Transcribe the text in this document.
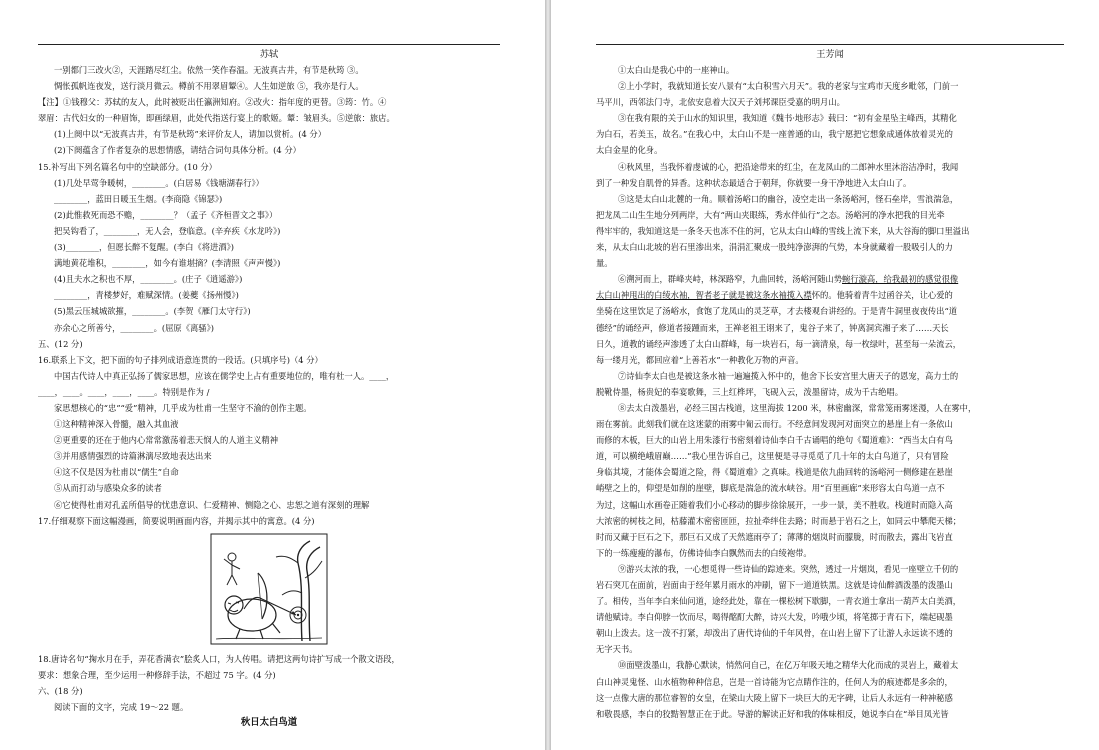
苏轼

一别都门三改火②，天涯踏尽红尘。依然一笑作春温。无波真古井，有节是秋筠 ③。

惆怅孤帆连夜发，送行淡月微云。樽前不用翠眉颦④。人生如逆旅 ⑤，我亦是行人。

【注】①钱穆父：苏轼的友人，此时被贬出任瀛洲知府。②改火：指年度的更替。③筠：竹。④

翠眉：古代妇女的一种眉饰，即画绿眉，此处代指送行宴上的歌姬。颦：皱眉头。⑤逆旅：旅店。

(1)上阕中以“无波真古井，有节是秋筠”来评价友人，请加以赏析。(4 分）

(2)下阕蕴含了作者复杂的思想情感，请结合词句具体分析。(4 分）

15.补写出下列名篇名句中的空缺部分。(10 分）

(1)几处早莺争暖树，________。(白居易《钱塘湖春行》）

________，蓝田日暖玉生烟。(李商隐《锦瑟》)

(2)此惟救死而恐不赡，________？（孟子《齐桓晋文之事》）

把吴钩看了，________，无人会，登临意。(辛弃疾《水龙吟》)

(3)________，但愿长醉不复醒。(李白《将进酒》)

满地黄花堆积，________，如今有谁堪摘？(李清照《声声慢》)

(4)且夫水之积也不厚，________。(庄子《逍遥游》)

________，青楼梦好，难赋深情。(姜夔《扬州慢》)

(5)黑云压城城欲摧，________。(李贺《雁门太守行》)

亦余心之所善兮，________。(屈原《离骚》)

五、(12 分)

16.联系上下文，把下面的句子排列成语意连贯的一段话。(只填序号)（4 分）

中国古代诗人中真正弘扬了儒家思想，应该在儒学史上占有重要地位的，唯有杜一人。____，

____，____。____，____，____。特别是作为 /

家思想核心的“忠”“爱”精神，几乎成为杜甫一生坚守不渝的创作主题。

①这种精神深入骨髓，融入其血液

②更重要的还在于他内心常常激荡着悲天悯人的人道主义精神

③并用感情强烈的诗篇淋漓尽致地表达出来

④这不仅是因为杜甫以“儒生”自命

⑤从而打动与感染众多的读者

⑥它使得杜甫对孔孟所倡导的忧患意识、仁爱精神、恻隐之心、忠恕之道有深刻的理解

17.仔细观察下面这幅漫画，简要说明画面内容，并揭示其中的寓意。(4 分)

18.唐诗名句“掬水月在手，弄花香满衣”脍炙人口，为人传唱。请把这两句诗扩写成一个散文语段，

要求：想象合理，至少运用一种修辞手法，不超过 75 字。(4 分)

六、(18 分)

阅读下面的文字，完成 19～22 题。

秋日太白鸟道
王芳闻

①太白山是我心中的一座神山。

②上小学时，我就知道长安八景有“太白积雪六月天”。我的老家与宝鸡市天度乡毗邻，门前一

马平川，西邻法门寺，北依安息着大汉天子刘邦课臣受嘉的明月山。

③在我有限的关于山水的知识里，我知道《魏书·地形志》载曰：“初有金星坠主峰西，其精化

为白石，若美玉，故名。”在我心中，太白山不是一座普通的山，我宁愿把它想象成通体放着灵光的

太白金星的化身。

④秋风里，当我怀着虔诚的心，把沿途带来的红尘，在龙凤山的二郎神水里沐浴洁净时，我闻

到了一种发自肌骨的异香。这种状态最适合于朝拜，你就要一身干净地进入太白山了。

⑤这是太白山北麓的一角。顺着汤峪口的幽谷，凌空走出一条汤峪河，怪石垒岸，雪浪湍急，

把龙凤二山生生地分列两岸，大有“两山夹眼练，秀水伴仙行”之态。汤峪河的净水把我的目光牵

得牢牢的，我知道这是一条冬天也冻不住的河，它从太白山峰的雪线上流下来，从大谷海的脚口里溢出

来，从太白山北坡的岩石里渗出来，涓涓汇聚成一股纯净澎湃的气势，本身就藏着一股吸引人的力

量。

⑥溯河而上，群峰夹峙，林深路窄，九曲回转，汤峪河随山势蜿行漩高，给我最初的感觉很像

太白山神甩出的白绫水袖，智者老子就是被这条水袖揽入襟怀的。他骑着青牛过函谷关，让心爱的

坐骑在这里饮足了汤峪水，食饱了龙凤山的灵芝草，才去楼观台讲经的。于是青牛洞里夜夜传出“道

德经”的诵经声，修道者接踵而来，王禅老祖王诩来了，鬼谷子来了，钟离洞宾湘子来了……天长

日久，道教的诵经声渗透了太白山群峰，每一块岩石，每一滴清泉，每一枚绿叶，甚至每一朵流云，

每一缕月光，都回应着“上善若水”一种教化万物的声音。

⑦诗仙李太白也是被这条水袖一遍遍揽入怀中的，他舍下长安宫里大唐天子的恩宠，高力士的

脱靴侍墨，杨贵妃的奉宴歌舞，三上红桦坪，飞砚入云，泼墨留诗，成为千古绝唱。

⑧去太白泼墨岩，必经三国古栈道，这里海拔 1200 米，林密幽深，常常笼雨雾迷漫，人在雾中，

雨在雾前。此刻我们就在这迷蒙的雨雾中匍云而行。不经意间发现河对面突立的悬崖上有一条依山

而修的木板，巨大的山岩上用朱漆行书密刻着诗仙李白千古诵唱的绝句《蜀道难》：“西当太白有鸟

道，可以横绝峨眉巅……”我心里告诉自己，这里便是寻寻觅觅了几十年的太白鸟道了，只有冒险

身临其境，才能体会蜀道之险，得《蜀道难》之真味。栈道是依九曲回转的汤峪河一侧修建在悬崖

峭壁之上的，仰望是如削的崖壁，脚底是湍急的流水峡谷。用“百里画廊”来形容太白鸟道一点不

为过，这幅山水画卷正随着我们小心移动的脚步徐徐展开，一步一景，美不胜收。栈道时而隐入高

大浓密的树枝之间，枯藤灌木密密匝匝，拉扯牵绊住去路；时而悬于岩石之上，如同云中攀爬天梯；

时而又藏于巨石之下，那巨石又成了天然遮雨亭了；薄薄的烟岚时而朦胧，时而散去，露出飞岩直

下的一练瘦瘦的瀑布，仿佛诗仙李白飘然而去的白绫袍带。

⑨游兴太浓的我，一心想觅得一些诗仙的踪迹来。突然，透过一片烟岚，看见一座壁立千仞的

岩石突兀在面前，岩面由于经年累月雨水的冲刷，留下一道道铁黑。这就是诗仙醉酒泼墨的泼墨山

了。相传，当年李白来仙问道，途经此处，靠在一棵松树下歇脚，一青衣道士拿出一葫芦太白美酒，

请他赋诗。李白仰脖一饮而尽，喝得酩酊大醉，诗兴大发，吟哦少顷，将笔掷于青石下，端起砚墨

朝山上泼去。这一泼不打紧，却泼出了唐代诗仙的千年风骨，在山岩上留下了让游人永远读不透的

无字天书。

⑩面壁泼墨山，我静心默读，悄然问自己，在亿万年吸天地之精华大化而成的灵岩上，藏着太

白山神灵鬼怪、山水植物种种信息，岂是一首诗能为它点睛作注的，任何人为的痕迹都是多余的，

这一点像大唐的那位睿智的女皇，在梁山大陵上留下一块巨大的无字碑，让后人永远有一种神秘感

和敬畏感，李白的狡黠智慧正在于此。导游的解读正好和我的体味相反，她说李白在“举目凤光皆
